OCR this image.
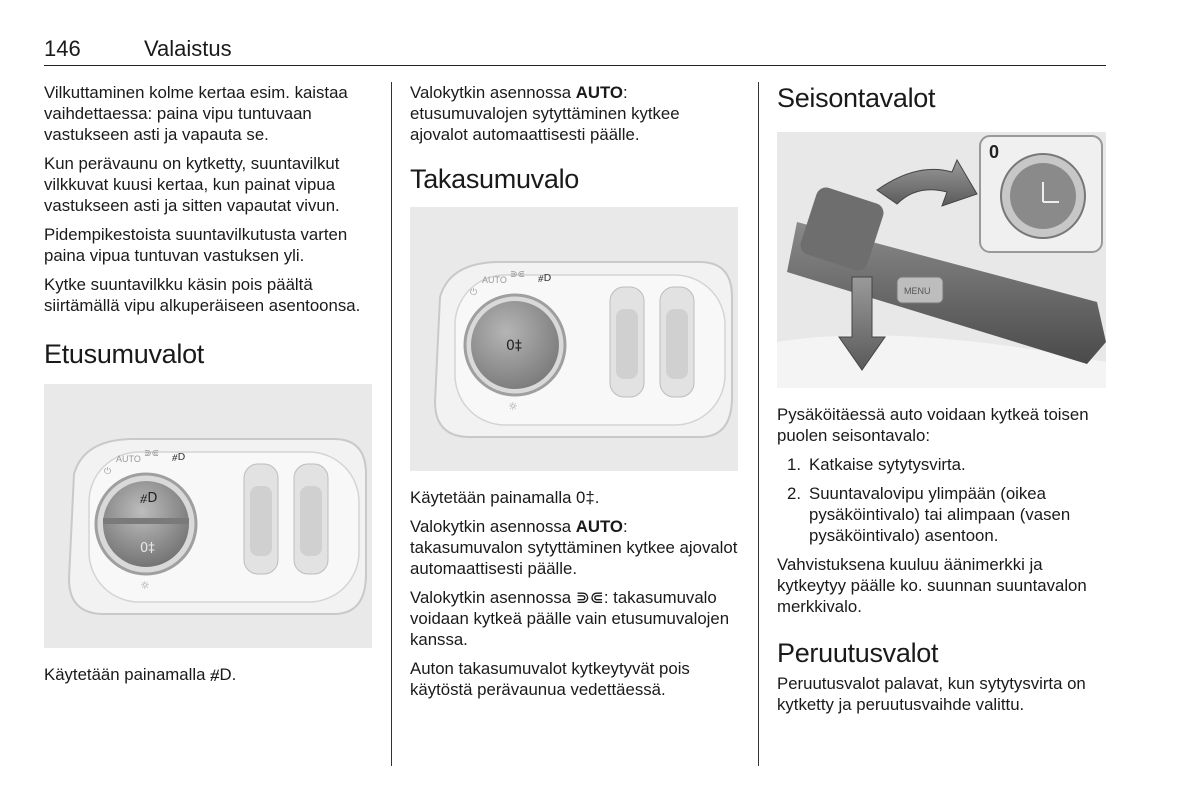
146	Valaistus

Vilkuttaminen kolme kertaa esim. kaistaa vaihdettaessa: paina vipu tuntuvaan vastukseen asti ja vapauta se.

Kun perävaunu on kytketty, suuntavilkut vilkkuvat kuusi kertaa, kun painat vipua vastukseen asti ja sitten vapautat vivun.

Pidempikestoista suuntavilkutusta varten paina vipua tuntuvan vastuksen yli.

Kytke suuntavilkku käsin pois päältä siirtämällä vipu alkuperäiseen asentoonsa.

Etusumuvalot
⏻
AUTO ⋑⋐ ⧣D
⧣D
0‡
☼

Käytetään painamalla ⧣D.

Valokytkin asennossa AUTO: etusumuvalojen sytyttäminen kytkee ajovalot automaattisesti päälle.

Takasumuvalo
⏻
AUTO ⋑⋐ ⧣D
0‡
☼

Käytetään painamalla 0‡.

Valokytkin asennossa AUTO: takasumuvalon sytyttäminen kytkee ajovalot automaattisesti päälle.

Valokytkin asennossa ⋑⋐: takasumuvalo voidaan kytkeä päälle vain etusumuvalojen kanssa.

Auton takasumuvalot kytkeytyvät pois käytöstä perävaunua vedettäessä.

Seisontavalot
MENU
0

Pysäköitäessä auto voidaan kytkeä toisen puolen seisontavalo:

1. Katkaise sytytysvirta.
2. Suuntavalovipu ylimpään (oikea pysäköintivalo) tai alimpaan (vasen pysäköintivalo) asentoon.

Vahvistuksena kuuluu äänimerkki ja kytkeytyy päälle ko. suunnan suuntavalon merkkivalo.

Peruutusvalot

Peruutusvalot palavat, kun sytytysvirta on kytketty ja peruutusvaihde valittu.
